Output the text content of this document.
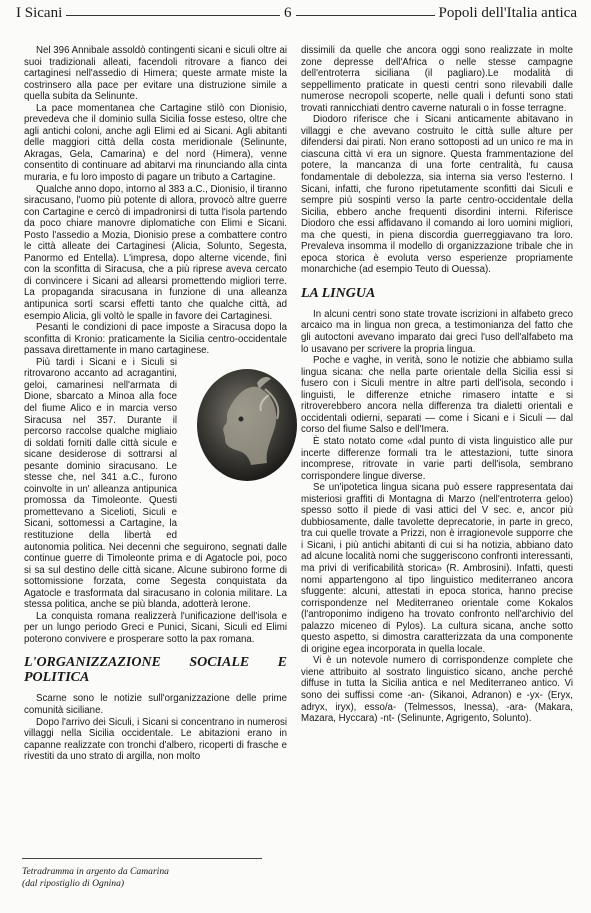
I Sicani	6	Popoli dell'Italia antica

Nel 396 Annibale assoldò contingenti sicani e siculi oltre ai suoi tradizionali alleati, facendoli ritrovare a fianco dei cartaginesi nell'assedio di Himera; queste armate miste la costrinsero alla pace per evitare una distruzione simile a quella subita da Selinunte.

La pace momentanea che Cartagine stilò con Dionisio, prevedeva che il dominio sulla Sicilia fosse esteso, oltre che agli antichi coloni, anche agli Elimi ed ai Sicani. Agli abitanti delle maggiori città della costa meridionale (Selinunte, Akragas, Gela, Camarina) e del nord (Himera), venne consentito di continuare ad abitarvi ma rinunciando alla cinta muraria, e fu loro imposto di pagare un tributo a Cartagine.

Qualche anno dopo, intorno al 383 a.C., Dionisio, il tiranno siracusano, l'uomo più potente di allora, provocò altre guerre con Cartagine e cercò di impadronirsi di tutta l'isola partendo da poco chiare manovre diplomatiche con Elimi e Sicani. Posto l'assedio a Mozia, Dionisio prese a combattere contro le città alleate dei Cartaginesi (Alicia, Solunto, Segesta, Panormo ed Entella). L'impresa, dopo alterne vicende, finì con la sconfitta di Siracusa, che a più riprese aveva cercato di convincere i Sicani ad allearsi promettendo migliori terre. La propaganda siracusana in funzione di una alleanza antipunica sortì scarsi effetti tanto che qualche città, ad esempio Alicia, gli voltò le spalle in favore dei Cartaginesi.

Pesanti le condizioni di pace imposte a Siracusa dopo la sconfitta di Kronio: praticamente la Sicilia centro-occidentale passava direttamente in mano cartaginese.

Più tardi i Sicani e i Siculi si ritrovarono accanto ad acragantini, geloi, camarinesi nell'armata di Dione, sbarcato a Minoa alla foce del fiume Alico e in marcia verso Siracusa nel 357. Durante il percorso raccolse qualche migliaio di soldati forniti dalle città sicule e sicane desiderose di sottrarsi al pesante dominio siracusano. Le stesse che, nel 341 a.C., furono coinvolte in un' alleanza antipunica promossa da Timoleonte. Questi promettevano a Sicelioti, Siculi e Sicani, sottomessi a Cartagine, la restituzione della libertà ed autonomia politica. Nei decenni che seguirono, segnati dalle continue guerre di Timoleonte prima e di Agatocle poi, poco si sa sul destino delle città sicane. Alcune subirono forme di sottomissione forzata, come Segesta conquistata da Agatocle e trasformata dal siracusano in colonia militare. La stessa politica, anche se più blanda, adotterà Ierone.

La conquista romana realizzerà l'unificazione dell'isola e per un lungo periodo Greci e Punici, Sicani, Siculi ed Elimi poterono convivere e prosperare sotto la pax romana.

L'ORGANIZZAZIONE SOCIALE E POLITICA

Scarne sono le notizie sull'organizzazione delle prime comunità siciliane.

Dopo l'arrivo dei Siculi, i Sicani si concentrano in numerosi villaggi nella Sicilia occidentale. Le abitazioni erano in capanne realizzate con tronchi d'albero, ricoperti di frasche e rivestiti da uno strato di argilla, non molto

Tetradramma in argento da Camarina
(dal ripostiglio di Ognina)

dissimili da quelle che ancora oggi sono realizzate in molte zone depresse dell'Africa o nelle stesse campagne dell'entroterra siciliana (il pagliaro).Le modalità di seppellimento praticate in questi centri sono rilevabili dalle numerose necropoli scoperte, nelle quali i defunti sono stati trovati rannicchiati dentro caverne naturali o in fosse terragne.

Diodoro riferisce che i Sicani anticamente abitavano in villaggi e che avevano costruito le città sulle alture per difendersi dai pirati. Non erano sottoposti ad un unico re ma in ciascuna città vi era un signore. Questa frammentazione del potere, la mancanza di una forte centralità, fu causa fondamentale di debolezza, sia interna sia verso l'esterno. I Sicani, infatti, che furono ripetutamente sconfitti dai Siculi e sempre più sospinti verso la parte centro-occidentale della Sicilia, ebbero anche frequenti disordini interni. Riferisce Diodoro che essi affidavano il comando ai loro uomini migliori, ma che questi, in piena discordia guerreggiavano tra loro. Prevaleva insomma il modello di organizzazione tribale che in epoca storica è evoluta verso esperienze propriamente monarchiche (ad esempio Teuto di Ouessa).

LA LINGUA

In alcuni centri sono state trovate iscrizioni in alfabeto greco arcaico ma in lingua non greca, a testimonianza del fatto che gli autoctoni avevano imparato dai greci l'uso dell'alfabeto ma lo usavano per scrivere la propria lingua.

Poche e vaghe, in verità, sono le notizie che abbiamo sulla lingua sicana: che nella parte orientale della Sicilia essi si fusero con i Siculi mentre in altre parti dell'isola, secondo i linguisti, le differenze etniche rimasero intatte e si ritroverebbero ancora nella differenza tra dialetti orientali e occidentali odierni, separati — come i Sicani e i Siculi — dal corso del fiume Salso e dell'Imera.

È stato notato come «dal punto di vista linguistico alle pur incerte differenze formali tra le attestazioni, tutte sinora incomprese, ritrovate in varie parti dell'isola, sembrano corrispondere lingue diverse.

Se un'ipotetica lingua sicana può essere rappresentata dai misteriosi graffiti di Montagna di Marzo (nell'entroterra geloo) spesso sotto il piede di vasi attici del V sec. e, ancor più dubbiosamente, dalle tavolette deprecatorie, in parte in greco, tra cui quelle trovate a Prizzi, non è irragionevole supporre che i Sicani, i più antichi abitanti di cui si ha notizia, abbiano dato ad alcune località nomi che suggeriscono confronti interessanti, ma privi di verificabilità storica» (R. Ambrosini). Infatti, questi nomi appartengono al tipo linguistico mediterraneo ancora sfuggente: alcuni, attestati in epoca storica, hanno precise corrispondenze nel Mediterraneo orientale come Kokalos (l'antroponimo indigeno ha trovato confronto nell'archivio del palazzo miceneo di Pylos). La cultura sicana, anche sotto questo aspetto, si dimostra caratterizzata da una componente di origine egea incorporata in quella locale.

Vi è un notevole numero di corrispondenze complete che viene attribuito al sostrato linguistico sicano, anche perché diffuse in tutta la Sicilia antica e nel Mediterraneo antico. Vi sono dei suffissi come -an- (Sikanoi, Adranon) e -yx- (Eryx, adryx, iryx), esso/a- (Telmessos, Inessa), -ara- (Makara, Mazara, Hyccara) -nt- (Selinunte, Agrigento, Solunto).
